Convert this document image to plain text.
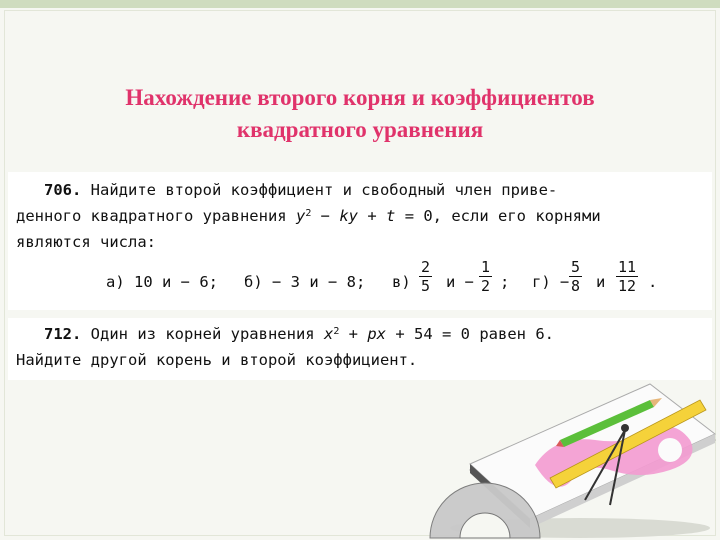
Нахождение второго корня и коэффициентов
квадратного уравнения
706. Найдите второй коэффициент и свободный член приве-
денного квадратного уравнения $y^2$ − ky + t = 0, если его корнями
являются числа:
а) 10 и − 6; б) − 3 и − 8; $в) \frac{2}{5}$ $и - \frac{1}{2}$ ; $г) - \frac{5}{8}$ и $\frac{11}{12}$ .
712. Один из корней уравнения $x^2$ + px + 54 = 0 равен 6.
Найдите другой корень и второй коэффициент.
